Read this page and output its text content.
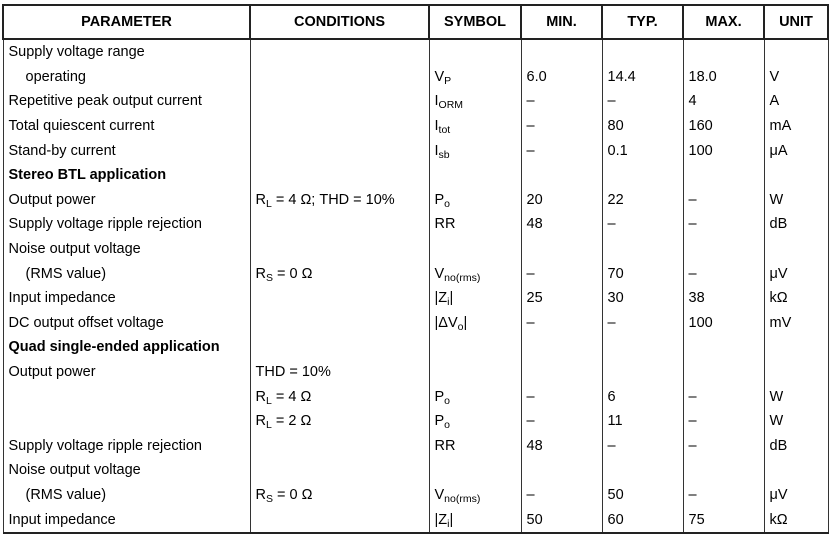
PARAMETER	CONDITIONS	SYMBOL	MIN.	TYP.	MAX.	UNIT
Supply voltage range						
operating		$V_P$	6.0	14.4	18.0	V
Repetitive peak output current		$I_{ORM}$	–	–	4	A
Total quiescent current		$I_{tot}$	–	80	160	mA
Stand-by current		$I_{sb}$	–	0.1	100	μA
Stereo BTL application						
Output power	$R_L = 4$ Ω; THD = 10%	$P_o$	20	22	–	W
Supply voltage ripple rejection		RR	48	–	–	dB
Noise output voltage						
(RMS value)	$R_S = 0$ Ω	$V_{no(rms)}$	–	70	–	μV
Input impedance		$|Z_i|$	25	30	38	kΩ
DC output offset voltage		$|\Delta V_o|$	–	–	100	mV
Quad single-ended application						
Output power	THD = 10%					
	$R_L = 4$ Ω	$P_o$	–	6	–	W
	$R_L = 2$ Ω	$P_o$	–	11	–	W
Supply voltage ripple rejection		RR	48	–	–	dB
Noise output voltage						
(RMS value)	$R_S = 0$ Ω	$V_{no(rms)}$	–	50	–	μV
Input impedance		$|Z_i|$	50	60	75	kΩ
